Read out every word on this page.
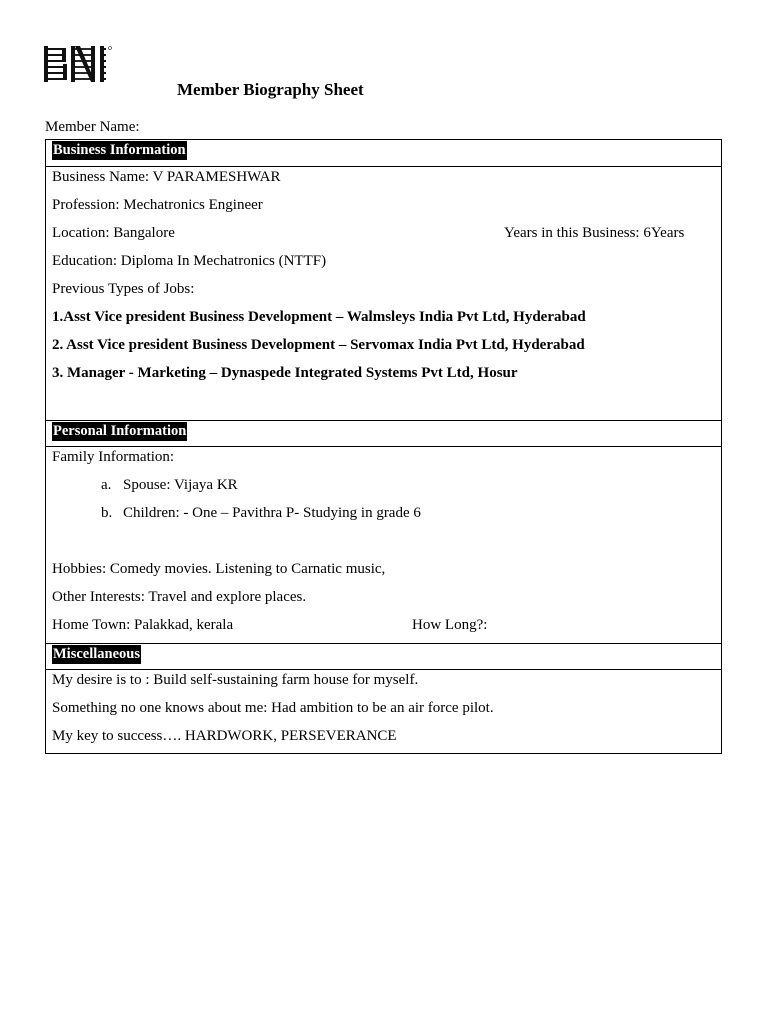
Member Biography Sheet
Member Name:
Business Information
Business Name: V PARAMESHWAR
Profession: Mechatronics Engineer
Location: Bangalore	Years in this Business: 6Years
Education: Diploma In Mechatronics (NTTF)
Previous Types of Jobs:
1.Asst Vice president Business Development – Walmsleys India Pvt Ltd, Hyderabad
2. Asst Vice president Business Development – Servomax India Pvt Ltd, Hyderabad
3. Manager - Marketing – Dynaspede Integrated Systems Pvt Ltd, Hosur
Personal Information
Family Information:
a. Spouse: Vijaya KR
b. Children: - One – Pavithra P- Studying in grade 6
Hobbies: Comedy movies. Listening to Carnatic music,
Other Interests: Travel and explore places.
Home Town: Palakkad, kerala	How Long?:
Miscellaneous
My desire is to : Build self-sustaining farm house for myself.
Something no one knows about me: Had ambition to be an air force pilot.
My key to success…. HARDWORK, PERSEVERANCE
